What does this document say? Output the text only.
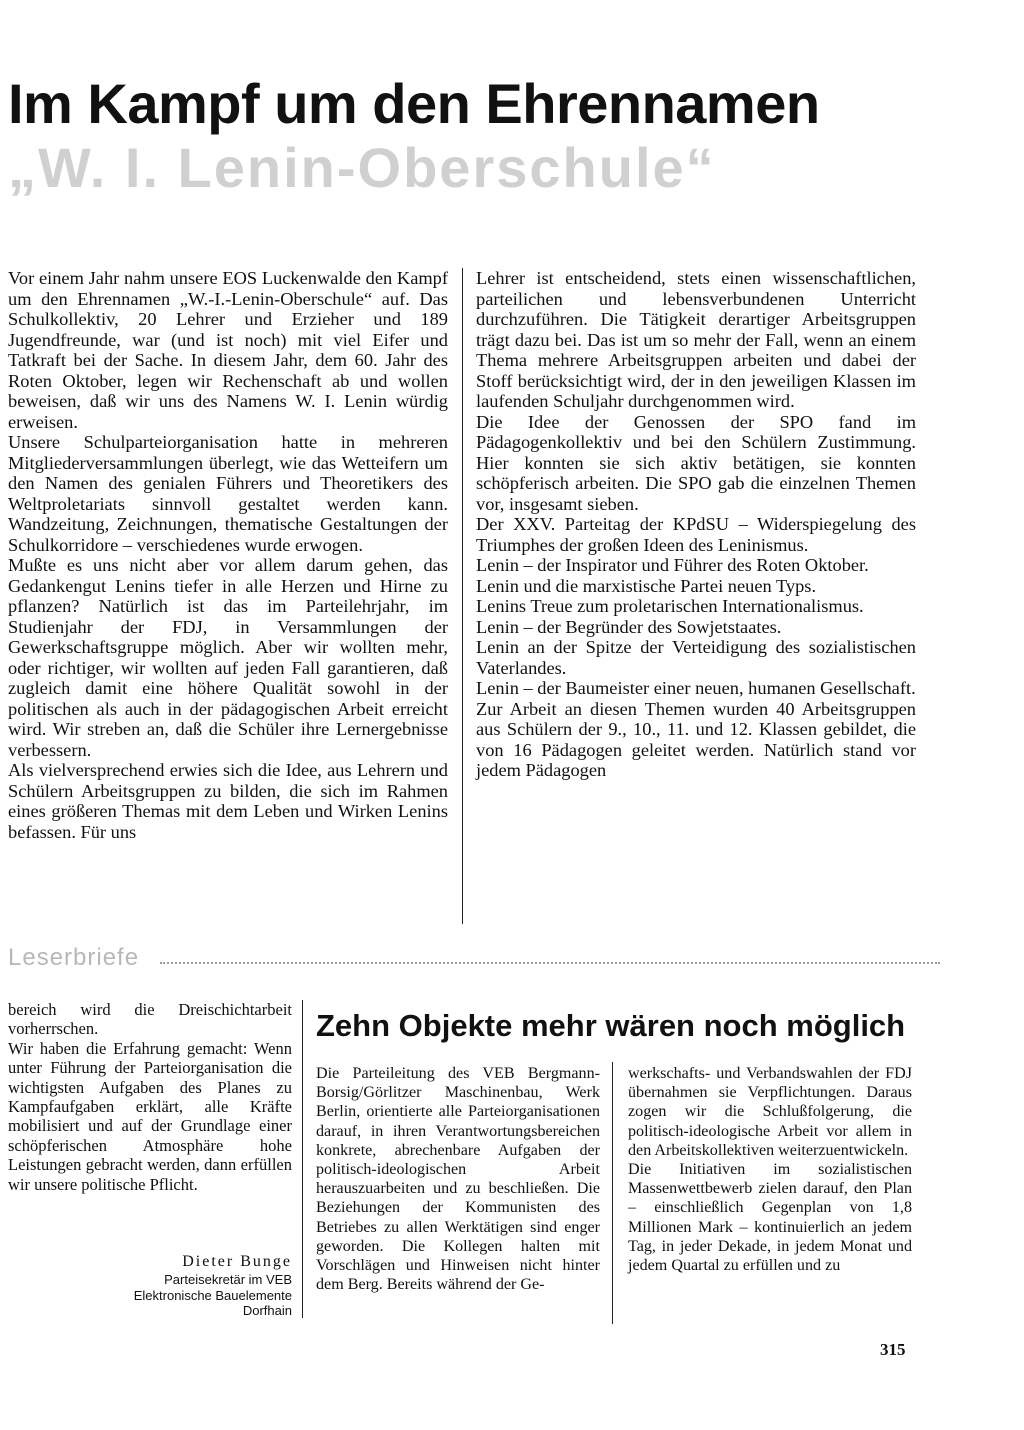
Im Kampf um den Ehrennamen
„W. I. Lenin-Oberschule“

Vor einem Jahr nahm unsere EOS Luckenwalde den Kampf um den Ehrennamen „W.-I.-Lenin-Oberschule“ auf. Das Schulkollektiv, 20 Lehrer und Erzieher und 189 Jugendfreunde, war (und ist noch) mit viel Eifer und Tatkraft bei der Sache. In diesem Jahr, dem 60. Jahr des Roten Oktober, legen wir Rechenschaft ab und wollen beweisen, daß wir uns des Namens W. I. Lenin würdig erweisen.

Unsere Schulparteiorganisation hatte in mehreren Mitgliederversammlungen überlegt, wie das Wetteifern um den Namen des genialen Führers und Theoretikers des Weltproletariats sinnvoll gestaltet werden kann. Wandzeitung, Zeichnungen, thematische Gestaltungen der Schulkorridore – verschiedenes wurde erwogen.

Mußte es uns nicht aber vor allem darum gehen, das Gedankengut Lenins tiefer in alle Herzen und Hirne zu pflanzen? Natürlich ist das im Parteilehrjahr, im Studienjahr der FDJ, in Versammlungen der Gewerkschaftsgruppe möglich. Aber wir wollten mehr, oder richtiger, wir wollten auf jeden Fall garantieren, daß zugleich damit eine höhere Qualität sowohl in der politischen als auch in der pädagogischen Arbeit erreicht wird. Wir streben an, daß die Schüler ihre Lernergebnisse verbessern.

Als vielversprechend erwies sich die Idee, aus Lehrern und Schülern Arbeitsgruppen zu bilden, die sich im Rahmen eines größeren Themas mit dem Leben und Wirken Lenins befassen. Für uns

Lehrer ist entscheidend, stets einen wissenschaftlichen, parteilichen und lebensverbundenen Unterricht durchzuführen. Die Tätigkeit derartiger Arbeitsgruppen trägt dazu bei. Das ist um so mehr der Fall, wenn an einem Thema mehrere Arbeitsgruppen arbeiten und dabei der Stoff berücksichtigt wird, der in den jeweiligen Klassen im laufenden Schuljahr durchgenommen wird.

Die Idee der Genossen der SPO fand im Pädagogenkollektiv und bei den Schülern Zustimmung. Hier konnten sie sich aktiv betätigen, sie konnten schöpferisch arbeiten. Die SPO gab die einzelnen Themen vor, insgesamt sieben.

Der XXV. Parteitag der KPdSU – Widerspiegelung des Triumphes der großen Ideen des Leninismus.

Lenin – der Inspirator und Führer des Roten Oktober.

Lenin und die marxistische Partei neuen Typs.

Lenins Treue zum proletarischen Internationalismus.

Lenin – der Begründer des Sowjetstaates.

Lenin an der Spitze der Verteidigung des sozialistischen Vaterlandes.

Lenin – der Baumeister einer neuen, humanen Gesellschaft.

Zur Arbeit an diesen Themen wurden 40 Arbeitsgruppen aus Schülern der 9., 10., 11. und 12. Klassen gebildet, die von 16 Pädagogen geleitet werden. Natürlich stand vor jedem Pädagogen

Leserbriefe

bereich wird die Dreischichtarbeit vorherrschen.

Wir haben die Erfahrung gemacht: Wenn unter Führung der Parteiorganisation die wichtigsten Aufgaben des Planes zu Kampfaufgaben erklärt, alle Kräfte mobilisiert und auf der Grundlage einer schöpferischen Atmosphäre hohe Leistungen gebracht werden, dann erfüllen wir unsere politische Pflicht.

Dieter Bunge
Parteisekretär im VEB
Elektronische Bauelemente
Dorfhain
Zehn Objekte mehr wären noch möglich

Die Parteileitung des VEB Bergmann-Borsig/Görlitzer Maschinenbau, Werk Berlin, orientierte alle Parteiorganisationen darauf, in ihren Verantwortungsbereichen konkrete, abrechenbare Aufgaben der politisch-ideologischen Arbeit herauszuarbeiten und zu beschließen. Die Beziehungen der Kommunisten des Betriebes zu allen Werktätigen sind enger geworden. Die Kollegen halten mit Vorschlägen und Hinweisen nicht hinter dem Berg. Bereits während der Ge-

werkschafts- und Verbandswahlen der FDJ übernahmen sie Verpflichtungen. Daraus zogen wir die Schlußfolgerung, die politisch-ideologische Arbeit vor allem in den Arbeitskollektiven weiterzuentwickeln.

Die Initiativen im sozialistischen Massenwettbewerb zielen darauf, den Plan – einschließlich Gegenplan von 1,8 Millionen Mark – kontinuierlich an jedem Tag, in jeder Dekade, in jedem Monat und jedem Quartal zu erfüllen und zu

315
